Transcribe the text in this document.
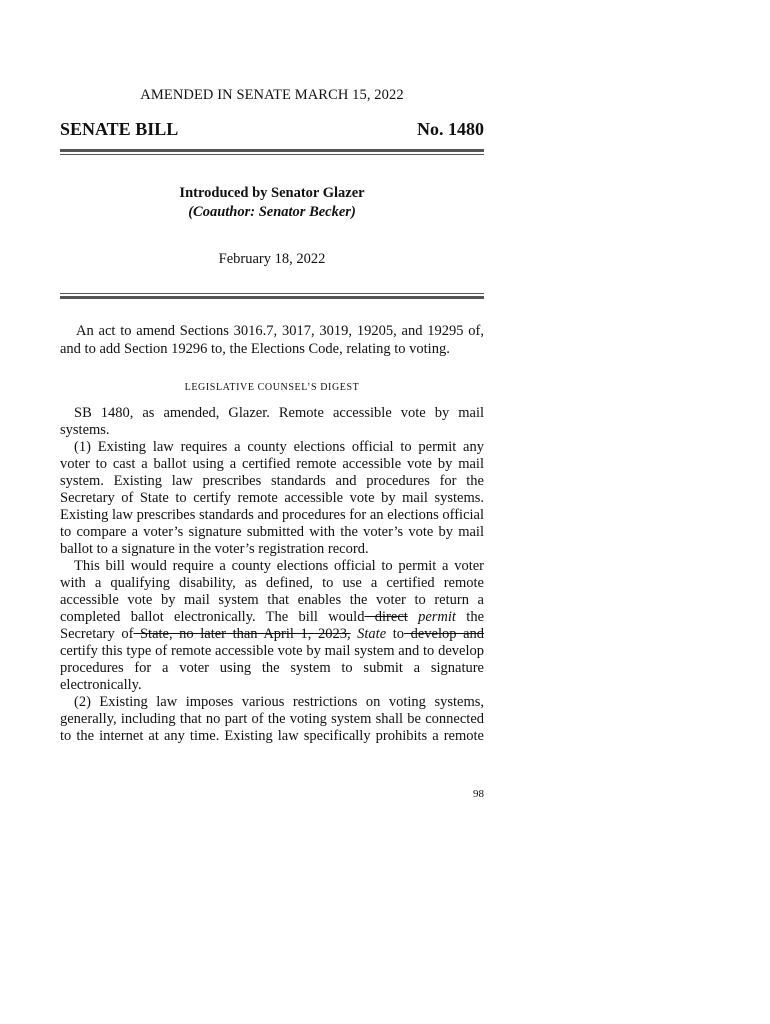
AMENDED IN SENATE MARCH 15, 2022
SENATE BILL	No. 1480
Introduced by Senator Glazer
(Coauthor: Senator Becker)
February 18, 2022

An act to amend Sections 3016.7, 3017, 3019, 19205, and 19295 of, and to add Section 19296 to, the Elections Code, relating to voting.

LEGISLATIVE COUNSEL’S DIGEST

SB 1480, as amended, Glazer. Remote accessible vote by mail systems.

(1) Existing law requires a county elections official to permit any voter to cast a ballot using a certified remote accessible vote by mail system. Existing law prescribes standards and procedures for the Secretary of State to certify remote accessible vote by mail systems. Existing law prescribes standards and procedures for an elections official to compare a voter’s signature submitted with the voter’s vote by mail ballot to a signature in the voter’s registration record.

This bill would require a county elections official to permit a voter with a qualifying disability, as defined, to use a certified remote accessible vote by mail system that enables the voter to return a completed ballot electronically. The bill would direct permit the Secretary of State, no later than April 1, 2023, State to develop and certify this type of remote accessible vote by mail system and to develop procedures for a voter using the system to submit a signature electronically.

(2) Existing law imposes various restrictions on voting systems, generally, including that no part of the voting system shall be connected to the internet at any time. Existing law specifically prohibits a remote

98
